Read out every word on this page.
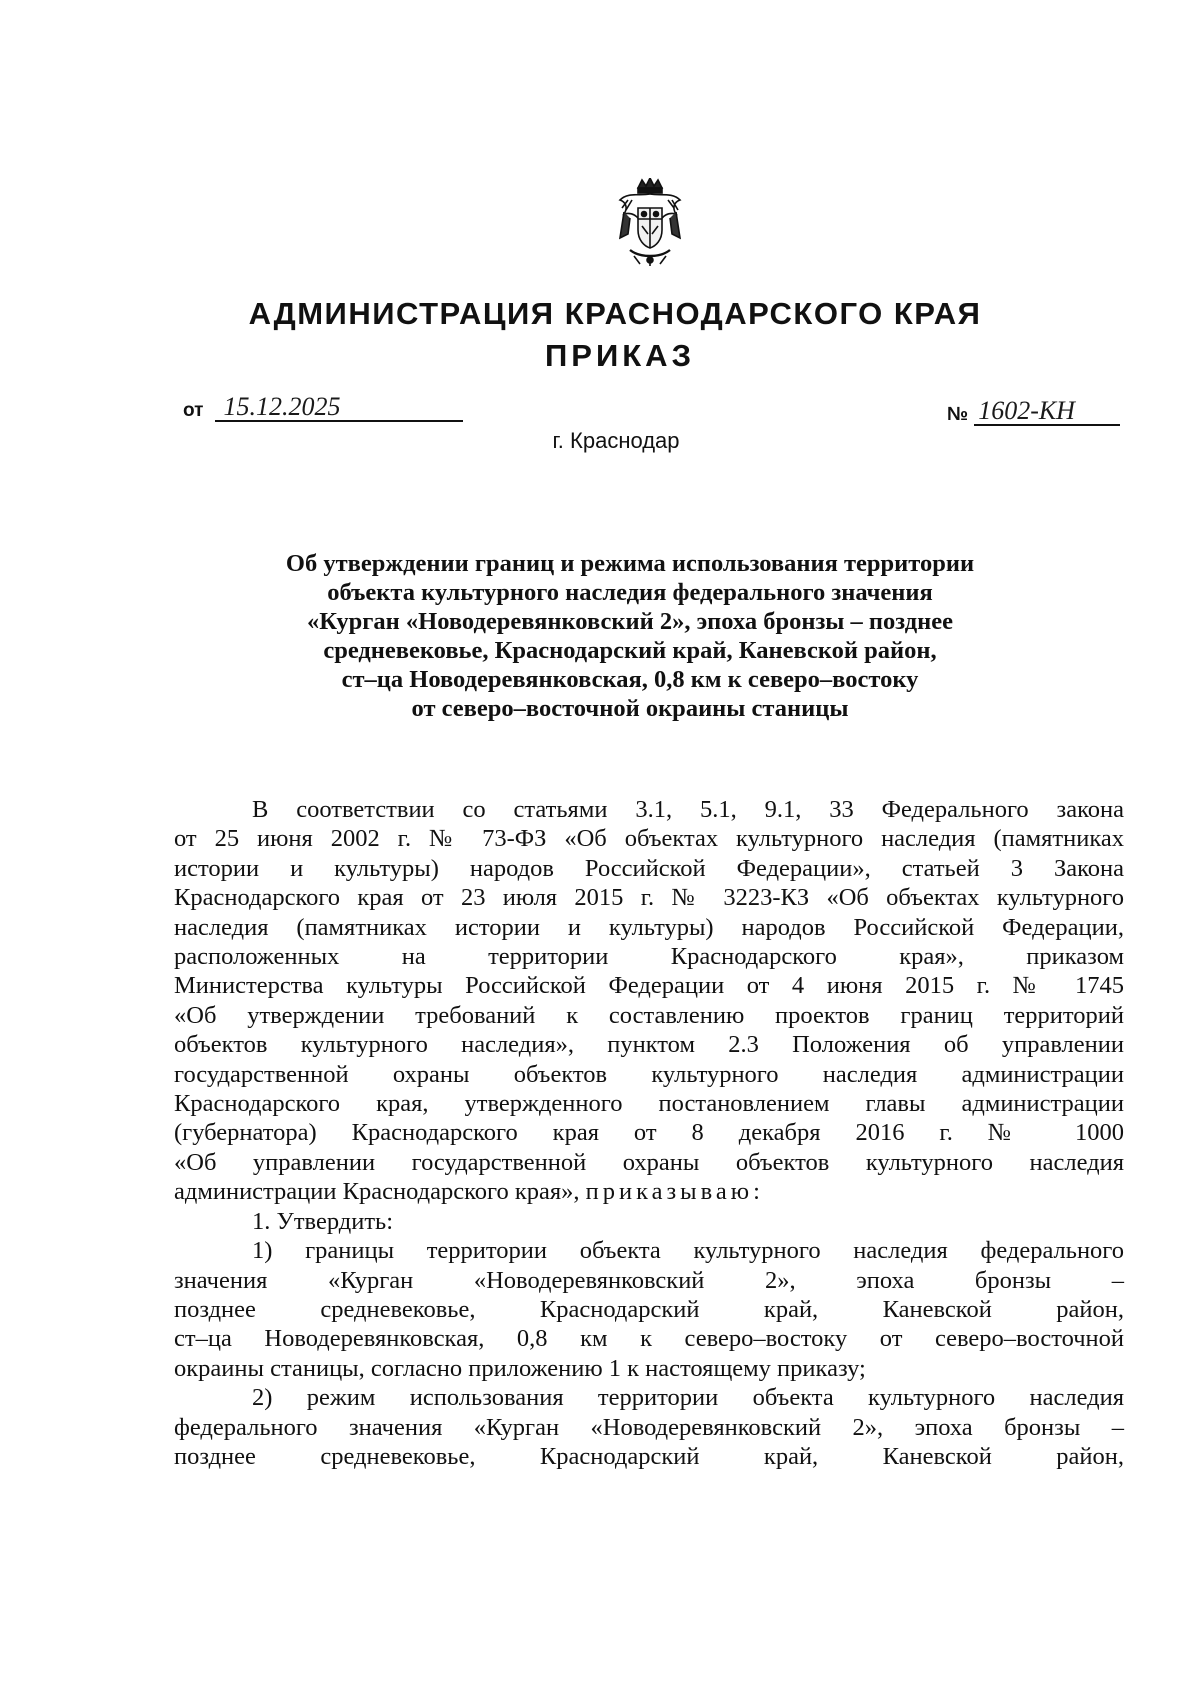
АДМИНИСТРАЦИЯ КРАСНОДАРСКОГО КРАЯ
ПРИКАЗ
от 15.12.2025	№ 1602-КН
г. Краснодар
Об утверждении границ и режима использования территории
объекта культурного наследия федерального значения
«Курган «Новодеревянковский 2», эпоха бронзы – позднее
средневековье, Краснодарский край, Каневской район,
ст–ца Новодеревянковская, 0,8 км к северо–востоку
от северо–восточной окраины станицы
В соответствии со статьями 3.1, 5.1, 9.1, 33 Федерального закона
от 25 июня 2002 г. № 73-ФЗ «Об объектах культурного наследия (памятниках
истории и культуры) народов Российской Федерации», статьей 3 Закона
Краснодарского края от 23 июля 2015 г. № 3223-КЗ «Об объектах культурного
наследия (памятниках истории и культуры) народов Российской Федерации,
расположенных на территории Краснодарского края», приказом
Министерства культуры Российской Федерации от 4 июня 2015 г. № 1745
«Об утверждении требований к составлению проектов границ территорий
объектов культурного наследия», пунктом 2.3 Положения об управлении
государственной охраны объектов культурного наследия администрации
Краснодарского края, утвержденного постановлением главы администрации
(губернатора) Краснодарского края от 8 декабря 2016 г. № 1000
«Об управлении государственной охраны объектов культурного наследия
администрации Краснодарского края», приказываю:
1. Утвердить:
1) границы территории объекта культурного наследия федерального
значения «Курган «Новодеревянковский 2», эпоха бронзы –
позднее средневековье, Краснодарский край, Каневской район,
ст–ца Новодеревянковская, 0,8 км к северо–востоку от северо–восточной
окраины станицы, согласно приложению 1 к настоящему приказу;
2) режим использования территории объекта культурного наследия
федерального значения «Курган «Новодеревянковский 2», эпоха бронзы –
позднее средневековье, Краснодарский край, Каневской район,
